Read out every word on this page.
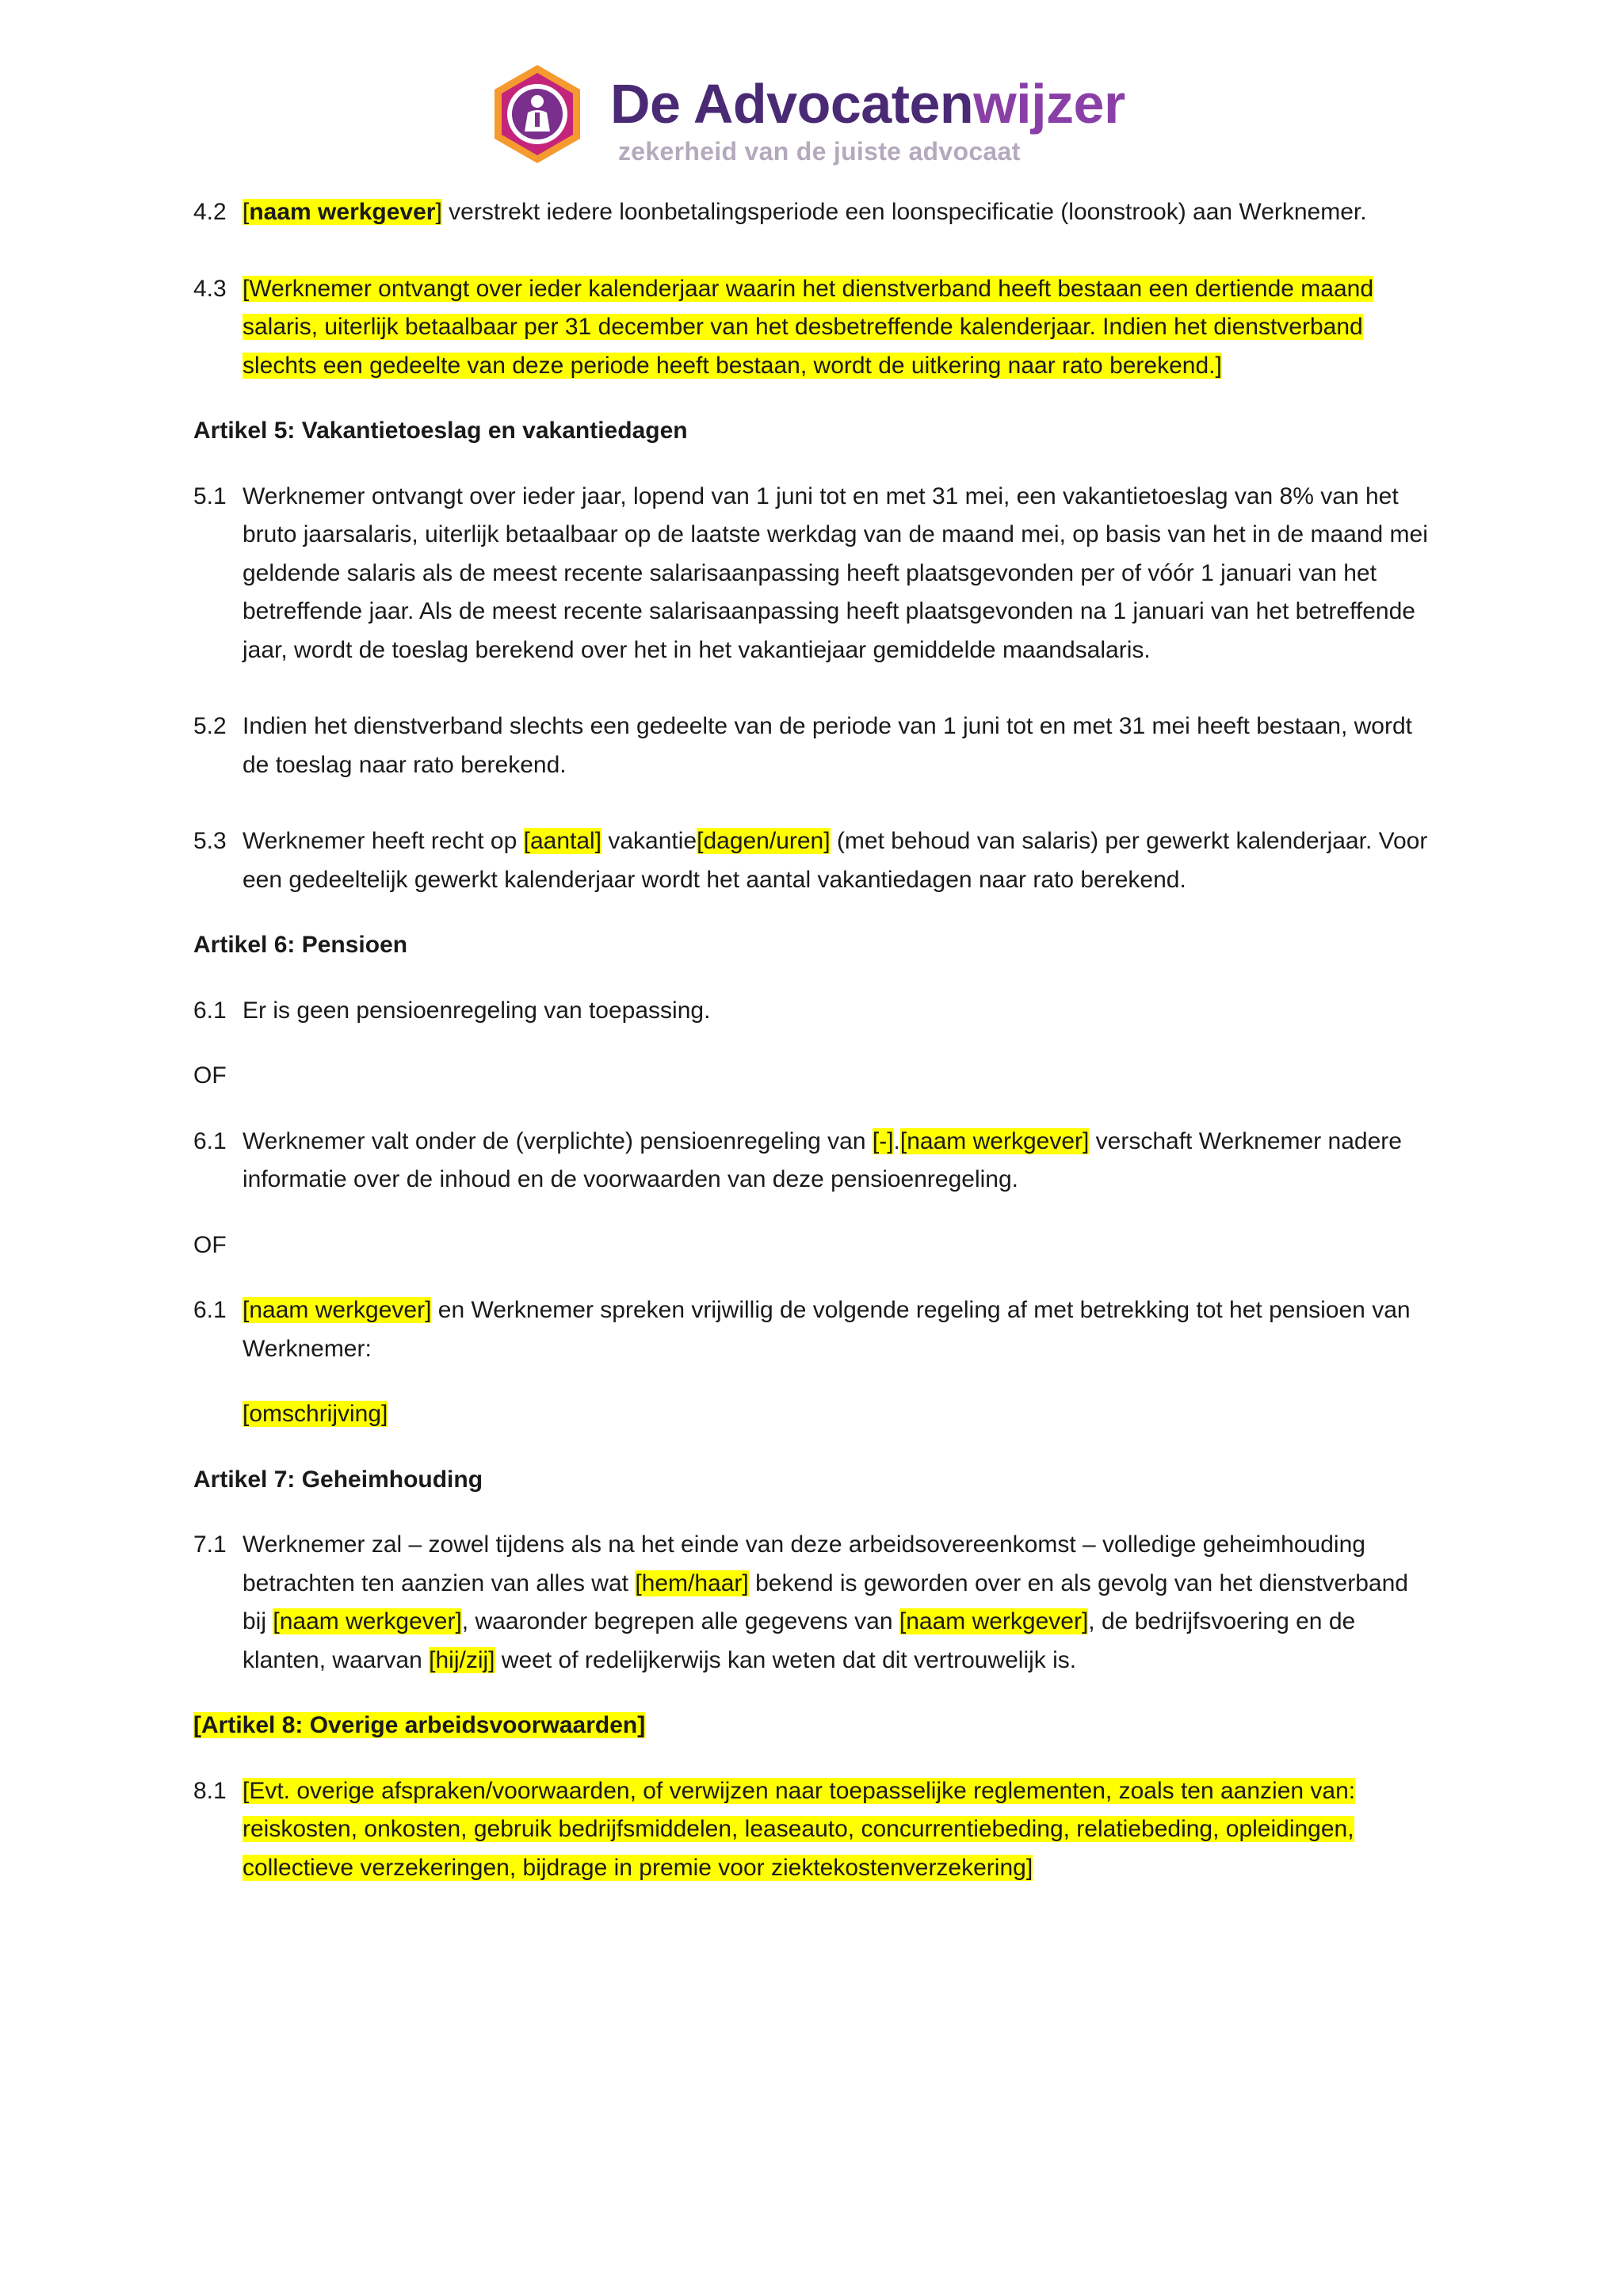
De Advocatenwijzer
zekerheid van de juiste advocaat
4.2 [naam werkgever] verstrekt iedere loonbetalingsperiode een loonspecificatie (loonstrook) aan Werknemer.
4.3 [Werknemer ontvangt over ieder kalenderjaar waarin het dienstverband heeft bestaan een dertiende maand salaris, uiterlijk betaalbaar per 31 december van het desbetreffende kalenderjaar. Indien het dienstverband slechts een gedeelte van deze periode heeft bestaan, wordt de uitkering naar rato berekend.]
Artikel 5: Vakantietoeslag en vakantiedagen
5.1 Werknemer ontvangt over ieder jaar, lopend van 1 juni tot en met 31 mei, een vakantietoeslag van 8% van het bruto jaarsalaris, uiterlijk betaalbaar op de laatste werkdag van de maand mei, op basis van het in de maand mei geldende salaris als de meest recente salarisaanpassing heeft plaatsgevonden per of vóór 1 januari van het betreffende jaar. Als de meest recente salarisaanpassing heeft plaatsgevonden na 1 januari van het betreffende jaar, wordt de toeslag berekend over het in het vakantiejaar gemiddelde maandsalaris.
5.2 Indien het dienstverband slechts een gedeelte van de periode van 1 juni tot en met 31 mei heeft bestaan, wordt de toeslag naar rato berekend.
5.3 Werknemer heeft recht op [aantal] vakantie[dagen/uren] (met behoud van salaris) per gewerkt kalenderjaar. Voor een gedeeltelijk gewerkt kalenderjaar wordt het aantal vakantiedagen naar rato berekend.
Artikel 6: Pensioen
6.1 Er is geen pensioenregeling van toepassing.
OF
6.1 Werknemer valt onder de (verplichte) pensioenregeling van [-].[naam werkgever] verschaft Werknemer nadere informatie over de inhoud en de voorwaarden van deze pensioenregeling.
OF
6.1 [naam werkgever] en Werknemer spreken vrijwillig de volgende regeling af met betrekking tot het pensioen van Werknemer:
[omschrijving]
Artikel 7: Geheimhouding
7.1 Werknemer zal – zowel tijdens als na het einde van deze arbeidsovereenkomst – volledige geheimhouding betrachten ten aanzien van alles wat [hem/haar] bekend is geworden over en als gevolg van het dienstverband bij [naam werkgever], waaronder begrepen alle gegevens van [naam werkgever], de bedrijfsvoering en de klanten, waarvan [hij/zij] weet of redelijkerwijs kan weten dat dit vertrouwelijk is.
[Artikel 8: Overige arbeidsvoorwaarden]
8.1 [Evt. overige afspraken/voorwaarden, of verwijzen naar toepasselijke reglementen, zoals ten aanzien van: reiskosten, onkosten, gebruik bedrijfsmiddelen, leaseauto, concurrentiebeding, relatiebeding, opleidingen, collectieve verzekeringen, bijdrage in premie voor ziektekostenverzekering]
